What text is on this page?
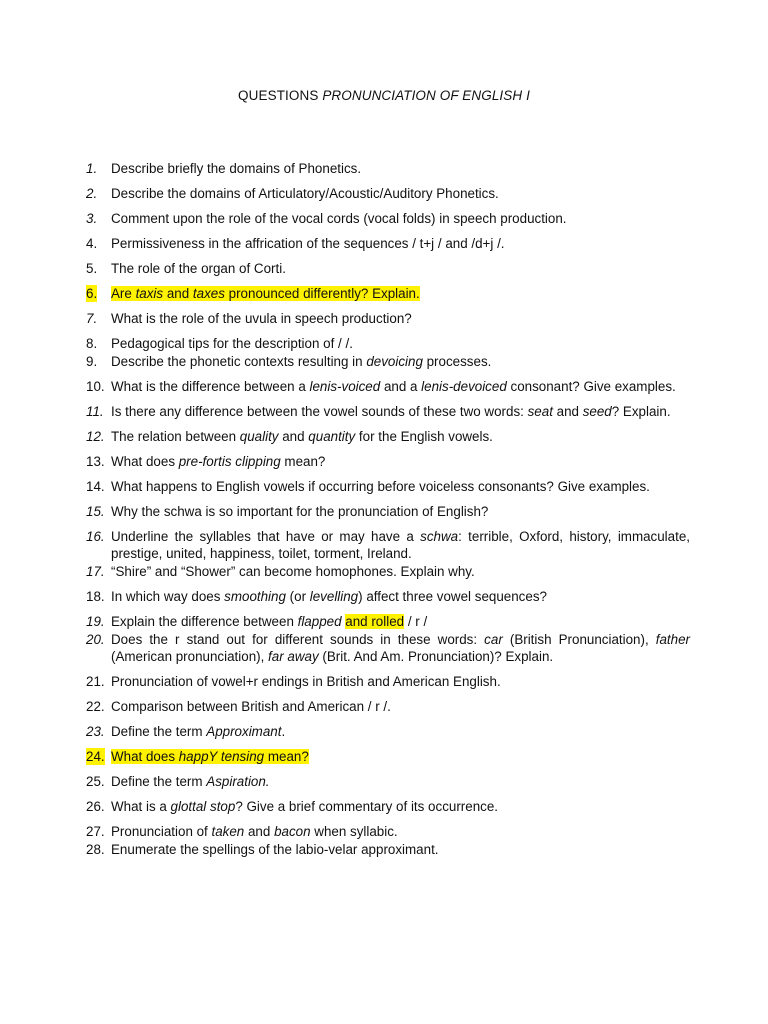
QUESTIONS PRONUNCIATION OF ENGLISH I
1. Describe briefly the domains of Phonetics.
2. Describe the domains of Articulatory/Acoustic/Auditory Phonetics.
3. Comment upon the role of the vocal cords (vocal folds) in speech production.
4. Permissiveness in the affrication of the sequences / t+j / and /d+j /.
5. The role of the organ of Corti.
6. Are taxis and taxes pronounced differently? Explain.
7. What is the role of the uvula in speech production?
8. Pedagogical tips for the description of / /.
9. Describe the phonetic contexts resulting in devoicing processes.
10. What is the difference between a lenis-voiced and a lenis-devoiced consonant? Give examples.
11. Is there any difference between the vowel sounds of these two words: seat and seed? Explain.
12. The relation between quality and quantity for the English vowels.
13. What does pre-fortis clipping mean?
14. What happens to English vowels if occurring before voiceless consonants? Give examples.
15. Why the schwa is so important for the pronunciation of English?
16. Underline the syllables that have or may have a schwa: terrible, Oxford, history, immaculate, prestige, united, happiness, toilet, torment, Ireland.
17. “Shire” and “Shower” can become homophones. Explain why.
18. In which way does smoothing (or levelling) affect three vowel sequences?
19. Explain the difference between flapped and rolled / r /
20. Does the r stand out for different sounds in these words: car (British Pronunciation), father (American pronunciation), far away (Brit. And Am. Pronunciation)? Explain.
21. Pronunciation of vowel+r endings in British and American English.
22. Comparison between British and American / r /.
23. Define the term Approximant.
24. What does happY tensing mean?
25. Define the term Aspiration.
26. What is a glottal stop? Give a brief commentary of its occurrence.
27. Pronunciation of taken and bacon when syllabic.
28. Enumerate the spellings of the labio-velar approximant.
